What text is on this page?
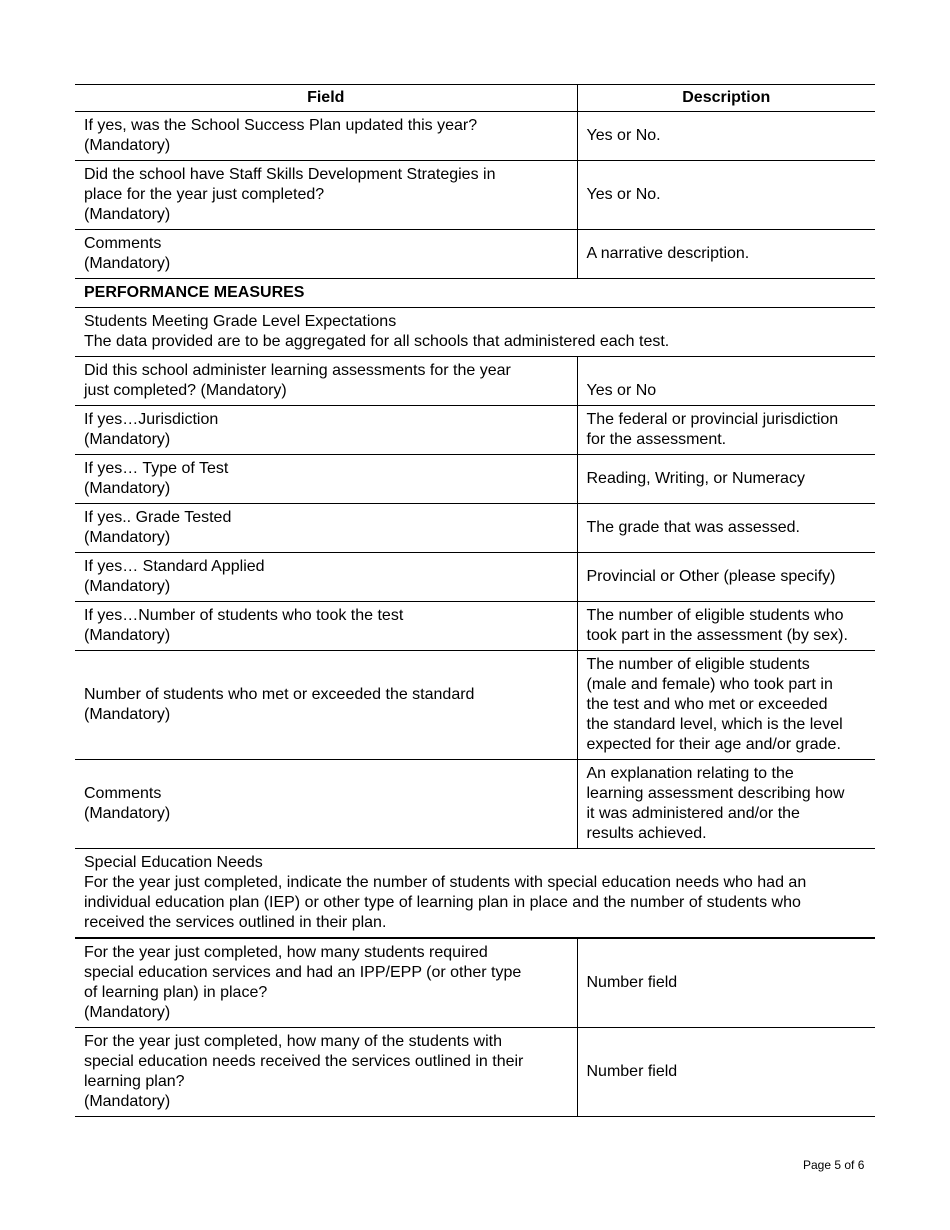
Field	Description

If yes, was the School Success Plan updated this year?
(Mandatory)	Yes or No.

Did the school have Staff Skills Development Strategies in
place for the year just completed?
(Mandatory)	Yes or No.

Comments
(Mandatory)	A narrative description.

PERFORMANCE MEASURES	

Students Meeting Grade Level Expectations
The data provided are to be aggregated for all schools that administered each test.	

Did this school administer learning assessments for the year
just completed? (Mandatory)	Yes or No

If yes…Jurisdiction
(Mandatory)	The federal or provincial jurisdiction
for the assessment.

If yes… Type of Test
(Mandatory)	Reading, Writing, or Numeracy

If yes.. Grade Tested
(Mandatory)	The grade that was assessed.

If yes… Standard Applied
(Mandatory)	Provincial or Other (please specify)

If yes…Number of students who took the test
(Mandatory)	The number of eligible students who
took part in the assessment (by sex).

Number of students who met or exceeded the standard
(Mandatory)	The number of eligible students
(male and female) who took part in
the test and who met or exceeded
the standard level, which is the level
expected for their age and/or grade.

Comments
(Mandatory)	An explanation relating to the
learning assessment describing how
it was administered and/or the
results achieved.

Special Education Needs
For the year just completed, indicate the number of students with special education needs who had an
individual education plan (IEP) or other type of learning plan in place and the number of students who
received the services outlined in their plan.	

For the year just completed, how many students required
special education services and had an IPP/EPP (or other type
of learning plan) in place?
(Mandatory)	Number field

For the year just completed, how many of the students with
special education needs received the services outlined in their
learning plan?
(Mandatory)	Number field
Page 5 of 6
